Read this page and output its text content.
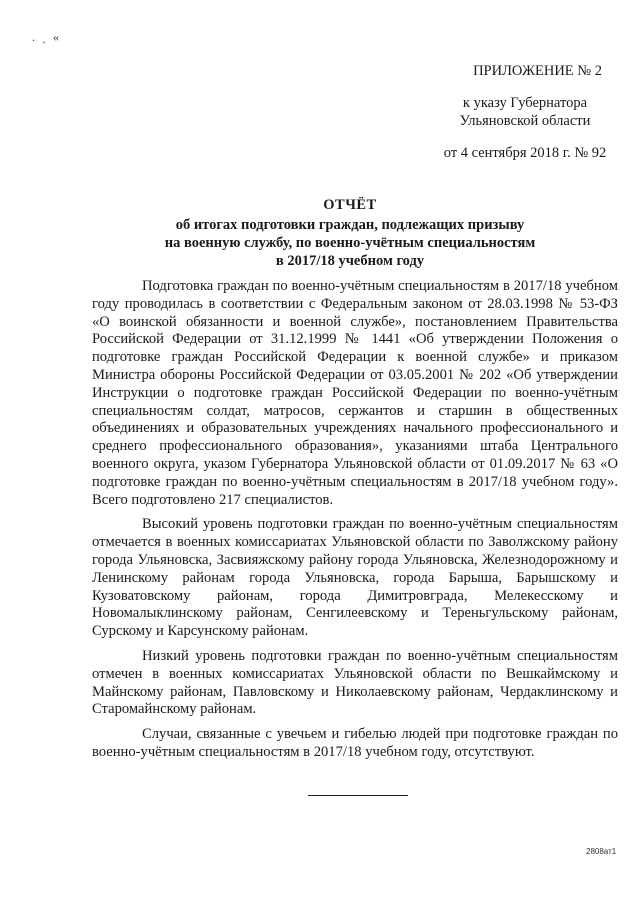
. ˏ «
ПРИЛОЖЕНИЕ № 2
к указу Губернатора
Ульяновской области
от 4 сентября 2018 г. № 92
ОТЧЁТ
об итогах подготовки граждан, подлежащих призыву
на военную службу, по военно-учётным специальностям
в 2017/18 учебном году

Подготовка граждан по военно-учётным специальностям в 2017/18 учебном году проводилась в соответствии с Федеральным законом от 28.03.1998 № 53-ФЗ «О воинской обязанности и военной службе», постановлением Правительства Российской Федерации от 31.12.1999 № 1441 «Об утверждении Положения о подготовке граждан Российской Федерации к военной службе» и приказом Министра обороны Российской Федерации от 03.05.2001 № 202 «Об утверждении Инструкции о подготовке граждан Российской Федерации по военно-учётным специальностям солдат, матросов, сержантов и старшин в общественных объединениях и образовательных учреждениях начального профессионального и среднего профессионального образования», указаниями штаба Центрального военного округа, указом Губернатора Ульяновской области от 01.09.2017 № 63 «О подготовке граждан по военно-учётным специальностям в 2017/18 учебном году». Всего подготовлено 217 специалистов.

Высокий уровень подготовки граждан по военно-учётным специальностям отмечается в военных комиссариатах Ульяновской области по Заволжскому району города Ульяновска, Засвияжскому району города Ульяновска, Железнодорожному и Ленинскому районам города Ульяновска, города Барыша, Барышскому и Кузоватовскому районам, города Димитровграда, Мелекесскому и Новомалыклинскому районам, Сенгилеевскому и Тереньгульскому районам, Сурскому и Карсунскому районам.

Низкий уровень подготовки граждан по военно-учётным специальностям отмечен в военных комиссариатах Ульяновской области по Вешкаймскому и Майнскому районам, Павловскому и Николаевскому районам, Чердаклинскому и Старомайнскому районам.

Случаи, связанные с увечьем и гибелью людей при подготовке граждан по военно-учётным специальностям в 2017/18 учебном году, отсутствуют.

2808ат1
